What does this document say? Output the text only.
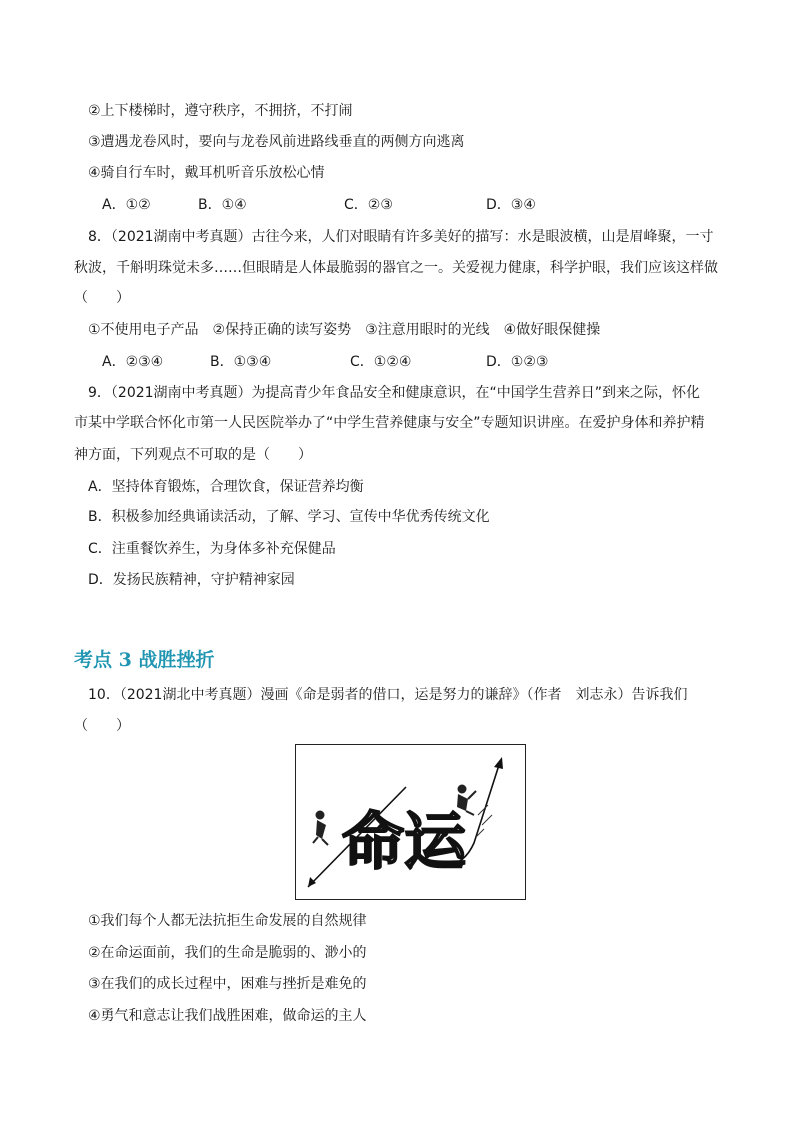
②上下楼梯时，遵守秩序，不拥挤，不打闹
③遭遇龙卷风时，要向与龙卷风前进路线垂直的两侧方向逃离
④骑自行车时，戴耳机听音乐放松心情
A．①②	B．①④	C．②③	D．③④
8．（2021湖南中考真题）古往今来，人们对眼睛有许多美好的描写：水是眼波横，山是眉峰聚，一寸
秋波，千斛明珠觉未多……但眼睛是人体最脆弱的器官之一。关爱视力健康，科学护眼，我们应该这样做
（　　）
①不使用电子产品　②保持正确的读写姿势　③注意用眼时的光线　④做好眼保健操
A．②③④	B．①③④	C．①②④	D．①②③
9．（2021湖南中考真题）为提高青少年食品安全和健康意识，在“中国学生营养日”到来之际，怀化
市某中学联合怀化市第一人民医院举办了“中学生营养健康与安全”专题知识讲座。在爱护身体和养护精
神方面，下列观点不可取的是（　　）
A．坚持体育锻炼，合理饮食，保证营养均衡
B．积极参加经典诵读活动，了解、学习、宣传中华优秀传统文化
C．注重餐饮养生，为身体多补充保健品
D．发扬民族精神，守护精神家园
考点 3 战胜挫折
10．（2021湖北中考真题）漫画《命是弱者的借口，运是努力的谦辞》（作者　刘志永）告诉我们
（　　）
命运
①我们每个人都无法抗拒生命发展的自然规律
②在命运面前，我们的生命是脆弱的、渺小的
③在我们的成长过程中，困难与挫折是难免的
④勇气和意志让我们战胜困难，做命运的主人
